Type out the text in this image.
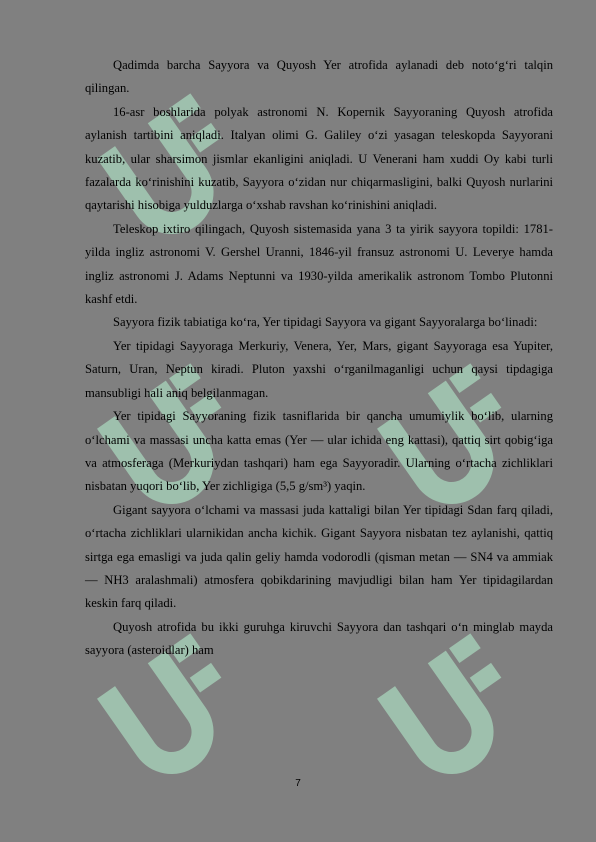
Qadimda barcha Sayyora va Quyosh Yer atrofida aylanadi deb noto‘g‘ri talqin qilingan.

16-asr boshlarida polyak astronomi N. Kopernik Sayyoraning Quyosh atrofida aylanish tartibini aniqladi. Italyan olimi G. Galiley o‘zi yasagan teleskopda Sayyorani kuzatib, ular sharsimon jismlar ekanligini aniqladi. U Venerani ham xuddi Oy kabi turli fazalarda ko‘rinishini kuzatib, Sayyora o‘zidan nur chiqarmasligini, balki Quyosh nurlarini qaytarishi hisobiga yulduzlarga o‘xshab ravshan ko‘rinishini aniqladi.

Teleskop ixtiro qilingach, Quyosh sistemasida yana 3 ta yirik sayyora topildi: 1781-yilda ingliz astronomi V. Gershel Uranni, 1846-yil fransuz astronomi U. Leverye hamda ingliz astronomi J. Adams Neptunni va 1930-yilda amerikalik astronom Tombo Plutonni kashf etdi.

Sayyora fizik tabiatiga ko‘ra, Yer tipidagi Sayyora va gigant Sayyoralarga bo‘linadi:

Yer tipidagi Sayyoraga Merkuriy, Venera, Yer, Mars, gigant Sayyoraga esa Yupiter, Saturn, Uran, Neptun kiradi. Pluton yaxshi o‘rganilmaganligi uchun qaysi tipdagiga mansubligi hali aniq belgilanmagan.

Yer tipidagi Sayyoraning fizik tasniflarida bir qancha umumiylik bo‘lib, ularning o‘lchami va massasi uncha katta emas (Yer — ular ichida eng kattasi), qattiq sirt qobig‘iga va atmosferaga (Merkuriydan tashqari) ham ega Sayyoradir. Ularning o‘rtacha zichliklari nisbatan yuqori bo‘lib, Yer zichligiga (5,5 g/sm³) yaqin.

Gigant sayyora o‘lchami va massasi juda kattaligi bilan Yer tipidagi Sdan farq qiladi, o‘rtacha zichliklari ularnikidan ancha kichik. Gigant Sayyora nisbatan tez aylanishi, qattiq sirtga ega emasligi va juda qalin geliy hamda vodorodli (qisman metan — SN4 va ammiak — NH3 aralashmali) atmosfera qobikdarining mavjudligi bilan ham Yer tipidagilardan keskin farq qiladi.

Quyosh atrofida bu ikki guruhga kiruvchi Sayyora dan tashqari o‘n minglab mayda sayyora (asteroidlar) ham

7
